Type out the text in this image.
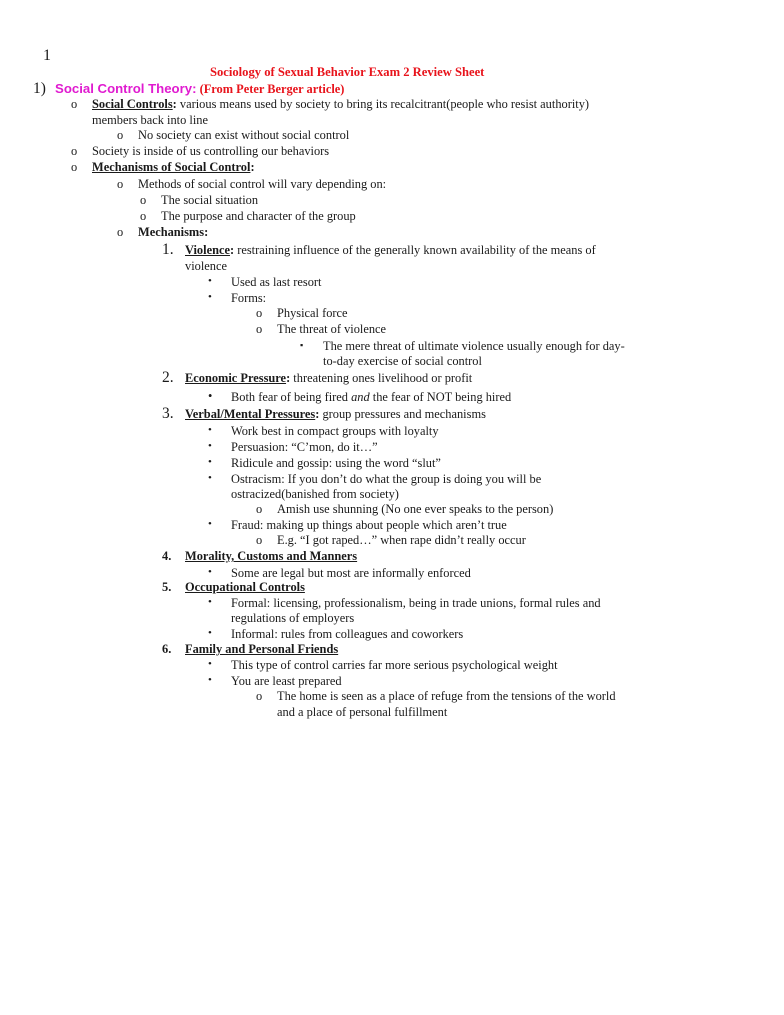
1
Sociology of Sexual Behavior Exam 2 Review Sheet
1) Social Control Theory: (From Peter Berger article)
o Social Controls: various means used by society to bring its recalcitrant(people who resist authority)
members back into line
o No society can exist without social control
o Society is inside of us controlling our behaviors
o Mechanisms of Social Control:
o Methods of social control will vary depending on:
o The social situation
o The purpose and character of the group
o Mechanisms:
1. Violence: restraining influence of the generally known availability of the means of
violence
• Used as last resort
• Forms:
o Physical force
o The threat of violence
▪ The mere threat of ultimate violence usually enough for day-
to-day exercise of social control
2. Economic Pressure: threatening ones livelihood or profit
• Both fear of being fired and the fear of NOT being hired
3. Verbal/Mental Pressures: group pressures and mechanisms
• Work best in compact groups with loyalty
• Persuasion: “C’mon, do it…”
• Ridicule and gossip: using the word “slut”
• Ostracism: If you don’t do what the group is doing you will be
ostracized(banished from society)
o Amish use shunning (No one ever speaks to the person)
• Fraud: making up things about people which aren’t true
o E.g. “I got raped…” when rape didn’t really occur
4. Morality, Customs and Manners
• Some are legal but most are informally enforced
5. Occupational Controls
• Formal: licensing, professionalism, being in trade unions, formal rules and
regulations of employers
• Informal: rules from colleagues and coworkers
6. Family and Personal Friends
• This type of control carries far more serious psychological weight
• You are least prepared
o The home is seen as a place of refuge from the tensions of the world
and a place of personal fulfillment
